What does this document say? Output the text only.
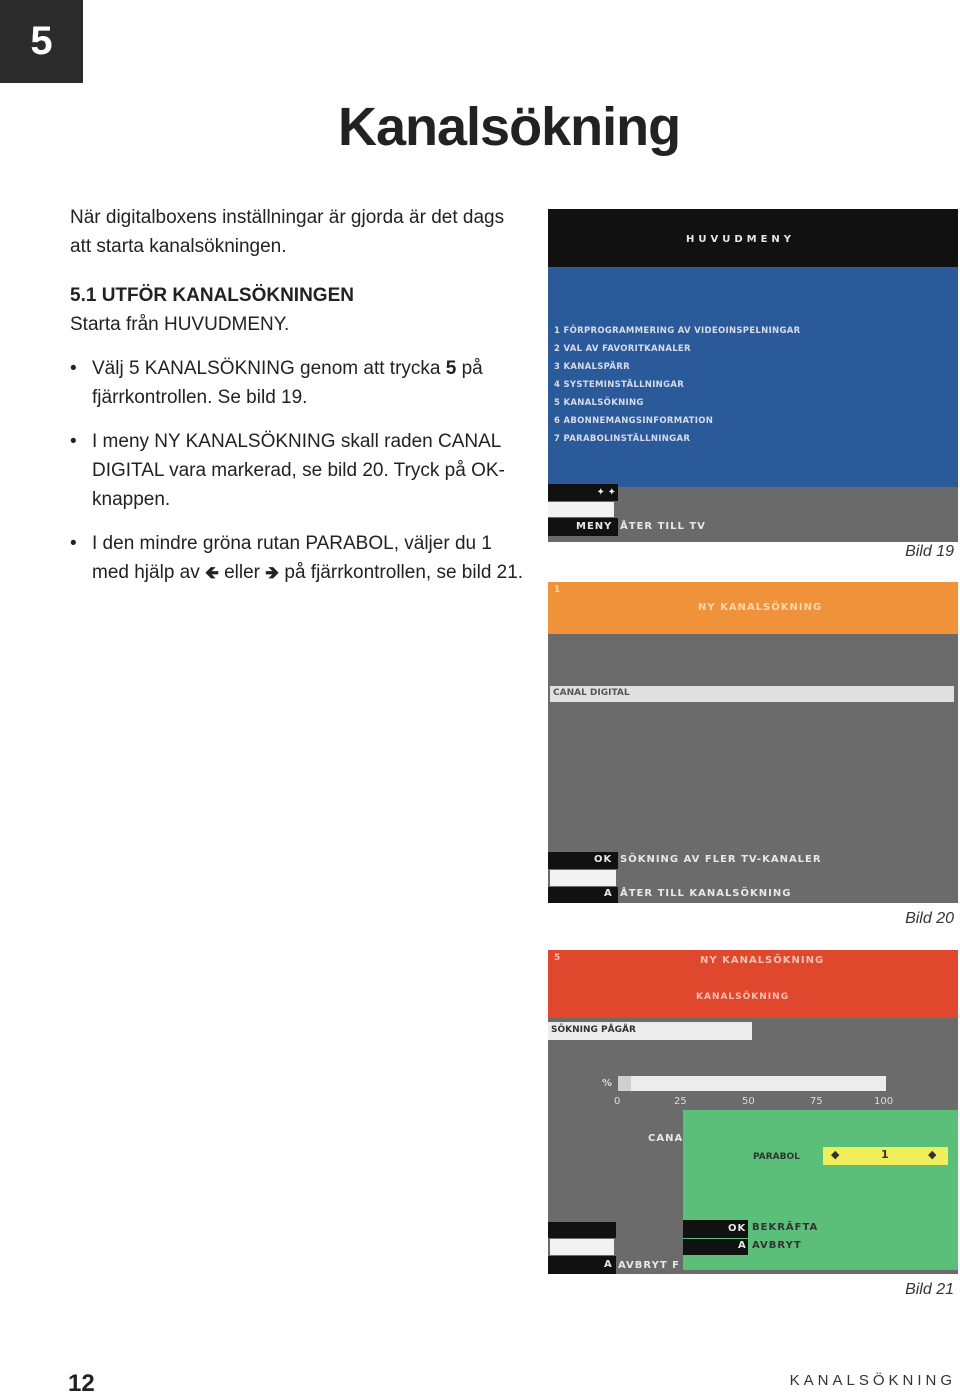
5
Kanalsökning

När digitalboxens inställningar är gjorda är det dags att starta kanalsökningen.

5.1 UTFÖR KANALSÖKNINGEN

Starta från HUVUDMENY.

• Välj 5 KANALSÖKNING genom att trycka 5 på fjärrkontrollen. Se bild 19.

• I meny NY KANALSÖKNING skall raden CANAL DIGITAL vara markerad, se bild 20. Tryck på OK-knappen.

• I den mindre gröna rutan PARABOL, väljer du 1 med hjälp av 🡸 eller 🡺 på fjärrkontrollen, se bild 21.

HUVUDMENY
1 FÖRPROGRAMMERING AV VIDEOINSPELNINGAR
2 VAL AV FAVORITKANALER
3 KANALSPÄRR
4 SYSTEMINSTÄLLNINGAR
5 KANALSÖKNING
6 ABONNEMANGSINFORMATION
7 PARABOLINSTÄLLNINGAR
✦ ✦
MENY ÅTER TILL TV
Bild 19
1
NY KANALSÖKNING
CANAL DIGITAL
OK SÖKNING AV FLER TV-KANALER
A ÅTER TILL KANALSÖKNING
Bild 20
5	NY KANALSÖKNING
KANALSÖKNING
SÖKNING PÅGÅR
%
0	25	50	75	100
CANA
A AVBRYT F
PARABOL	◆	1	◆
OK BEKRÄFTA
A AVBRYT
Bild 21
12	KANALSÖKNING
